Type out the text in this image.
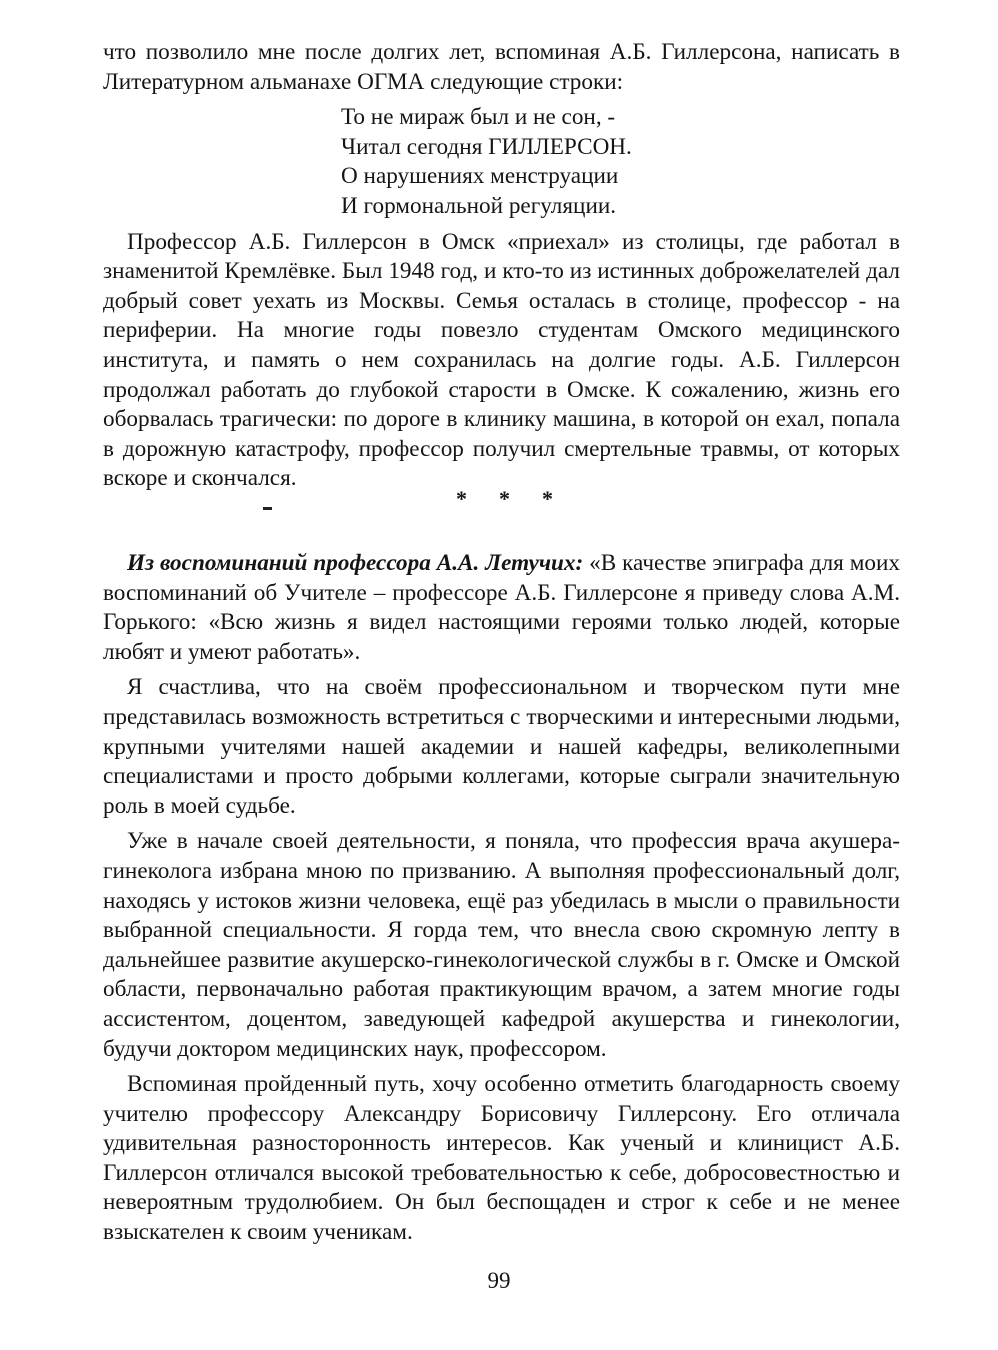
что позволило мне после долгих лет, вспоминая А.Б. Гиллерсона, написать в Литературном альманахе ОГМА следующие строки:

То не мираж был и не сон, -
Читал сегодня ГИЛЛЕРСОН.
О нарушениях менструации
И гормональной регуляции.

Профессор А.Б. Гиллерсон в Омск «приехал» из столицы, где работал в знаменитой Кремлёвке. Был 1948 год, и кто-то из истинных доброжелателей дал добрый совет уехать из Москвы. Семья осталась в столице, профессор - на периферии. На многие годы повезло студентам Омского медицинского института, и память о нем сохранилась на долгие годы. А.Б. Гиллерсон продолжал работать до глубокой старости в Омске. К сожалению, жизнь его оборвалась трагически: по дороге в клинику машина, в которой он ехал, попала в дорожную катастрофу, профессор получил смертельные травмы, от которых вскоре и скончался.

* * *

Из воспоминаний профессора А.А. Летучих: «В качестве эпиграфа для моих воспоминаний об Учителе – профессоре А.Б. Гиллерсоне я приведу слова А.М. Горького: «Всю жизнь я видел настоящими героями только людей, которые любят и умеют работать».

Я счастлива, что на своём профессиональном и творческом пути мне представилась возможность встретиться с творческими и интересными людьми, крупными учителями нашей академии и нашей кафедры, великолепными специалистами и просто добрыми коллегами, которые сыграли значительную роль в моей судьбе.

Уже в начале своей деятельности, я поняла, что профессия врача акушера-гинеколога избрана мною по призванию. А выполняя профессиональный долг, находясь у истоков жизни человека, ещё раз убедилась в мысли о правильности выбранной специальности. Я горда тем, что внесла свою скромную лепту в дальнейшее развитие акушерско-гинекологической службы в г. Омске и Омской области, первоначально работая практикующим врачом, а затем многие годы ассистентом, доцентом, заведующей кафедрой акушерства и гинекологии, будучи доктором медицинских наук, профессором.

Вспоминая пройденный путь, хочу особенно отметить благодарность своему учителю профессору Александру Борисовичу Гиллерсону. Его отличала удивительная разносторонность интересов. Как ученый и клиницист А.Б. Гиллерсон отличался высокой требовательностью к себе, добросовестностью и невероятным трудолюбием. Он был беспощаден и строг к себе и не менее взыскателен к своим ученикам.

99
